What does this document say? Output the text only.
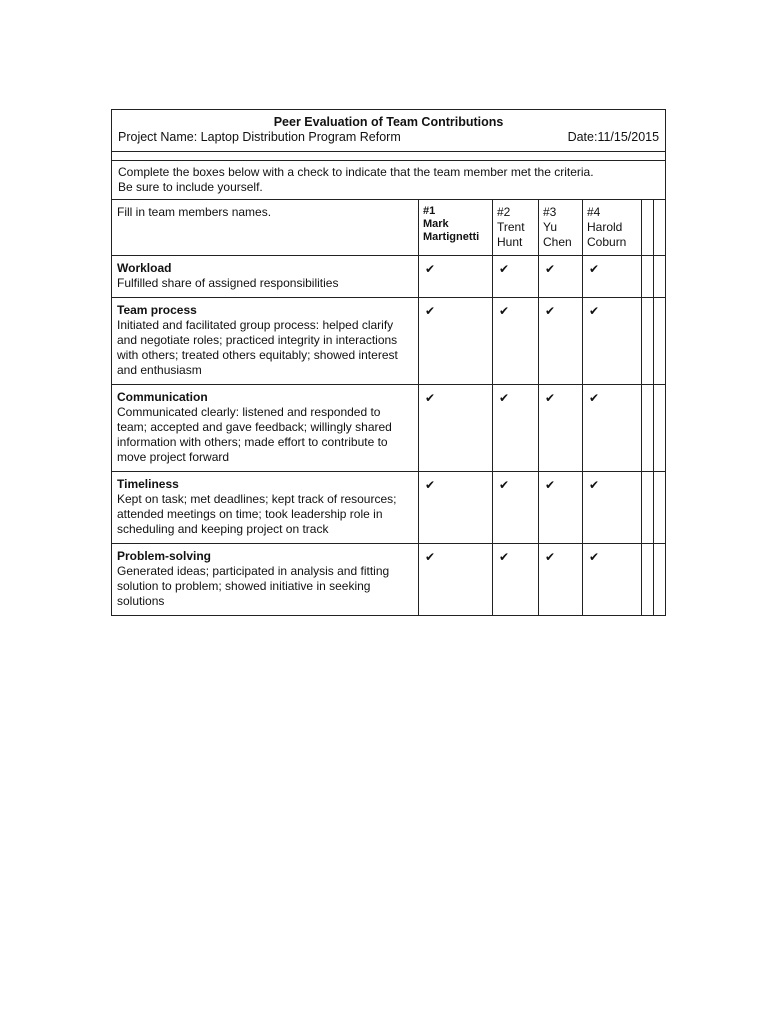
Peer Evaluation of Team Contributions
Project Name: Laptop Distribution Program Reform Date:11/15/2015						

Complete the boxes below with a check to indicate that the team member met the criteria.
Be sure to include yourself.						

Fill in team members names.	#1
Mark
Martignetti	#2
Trent
Hunt	#3
Yu
Chen	#4
Harold
Coburn		

Workload
Fulfilled share of assigned responsibilities	✔	✔	✔	✔		

Team process
Initiated and facilitated group process: helped clarify and negotiate roles; practiced integrity in interactions with others; treated others equitably; showed interest and enthusiasm	✔	✔	✔	✔		

Communication
Communicated clearly: listened and responded to team; accepted and gave feedback; willingly shared information with others; made effort to contribute to move project forward	✔	✔	✔	✔		

Timeliness
Kept on task; met deadlines; kept track of resources; attended meetings on time; took leadership role in scheduling and keeping project on track	✔	✔	✔	✔		

Problem-solving
Generated ideas; participated in analysis and fitting solution to problem; showed initiative in seeking solutions	✔	✔	✔	✔		
